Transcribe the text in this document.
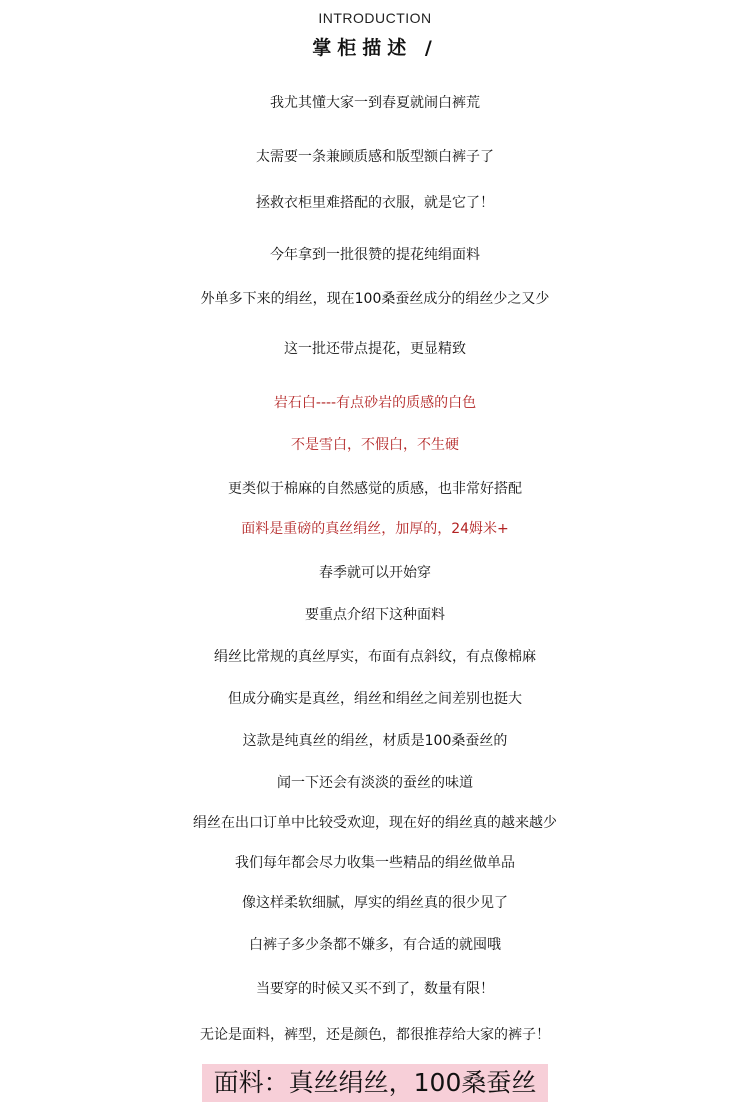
INTRODUCTION
掌柜描述 /
我尤其懂大家一到春夏就闹白裤荒
太需要一条兼顾质感和版型额白裤子了
拯救衣柜里难搭配的衣服，就是它了！
今年拿到一批很赞的提花纯绢面料
外单多下来的绢丝，现在100桑蚕丝成分的绢丝少之又少
这一批还带点提花，更显精致
岩石白----有点砂岩的质感的白色
不是雪白，不假白，不生硬
更类似于棉麻的自然感觉的质感，也非常好搭配
面料是重磅的真丝绢丝，加厚的，24姆米+
春季就可以开始穿
要重点介绍下这种面料
绢丝比常规的真丝厚实，布面有点斜纹，有点像棉麻
但成分确实是真丝，绢丝和绢丝之间差别也挺大
这款是纯真丝的绢丝，材质是100桑蚕丝的
闻一下还会有淡淡的蚕丝的味道
绢丝在出口订单中比较受欢迎，现在好的绢丝真的越来越少
我们每年都会尽力收集一些精品的绢丝做单品
像这样柔软细腻，厚实的绢丝真的很少见了
白裤子多少条都不嫌多，有合适的就囤哦
当要穿的时候又买不到了，数量有限！
无论是面料，裤型，还是颜色，都很推荐给大家的裤子！
面料：真丝绢丝，100桑蚕丝
